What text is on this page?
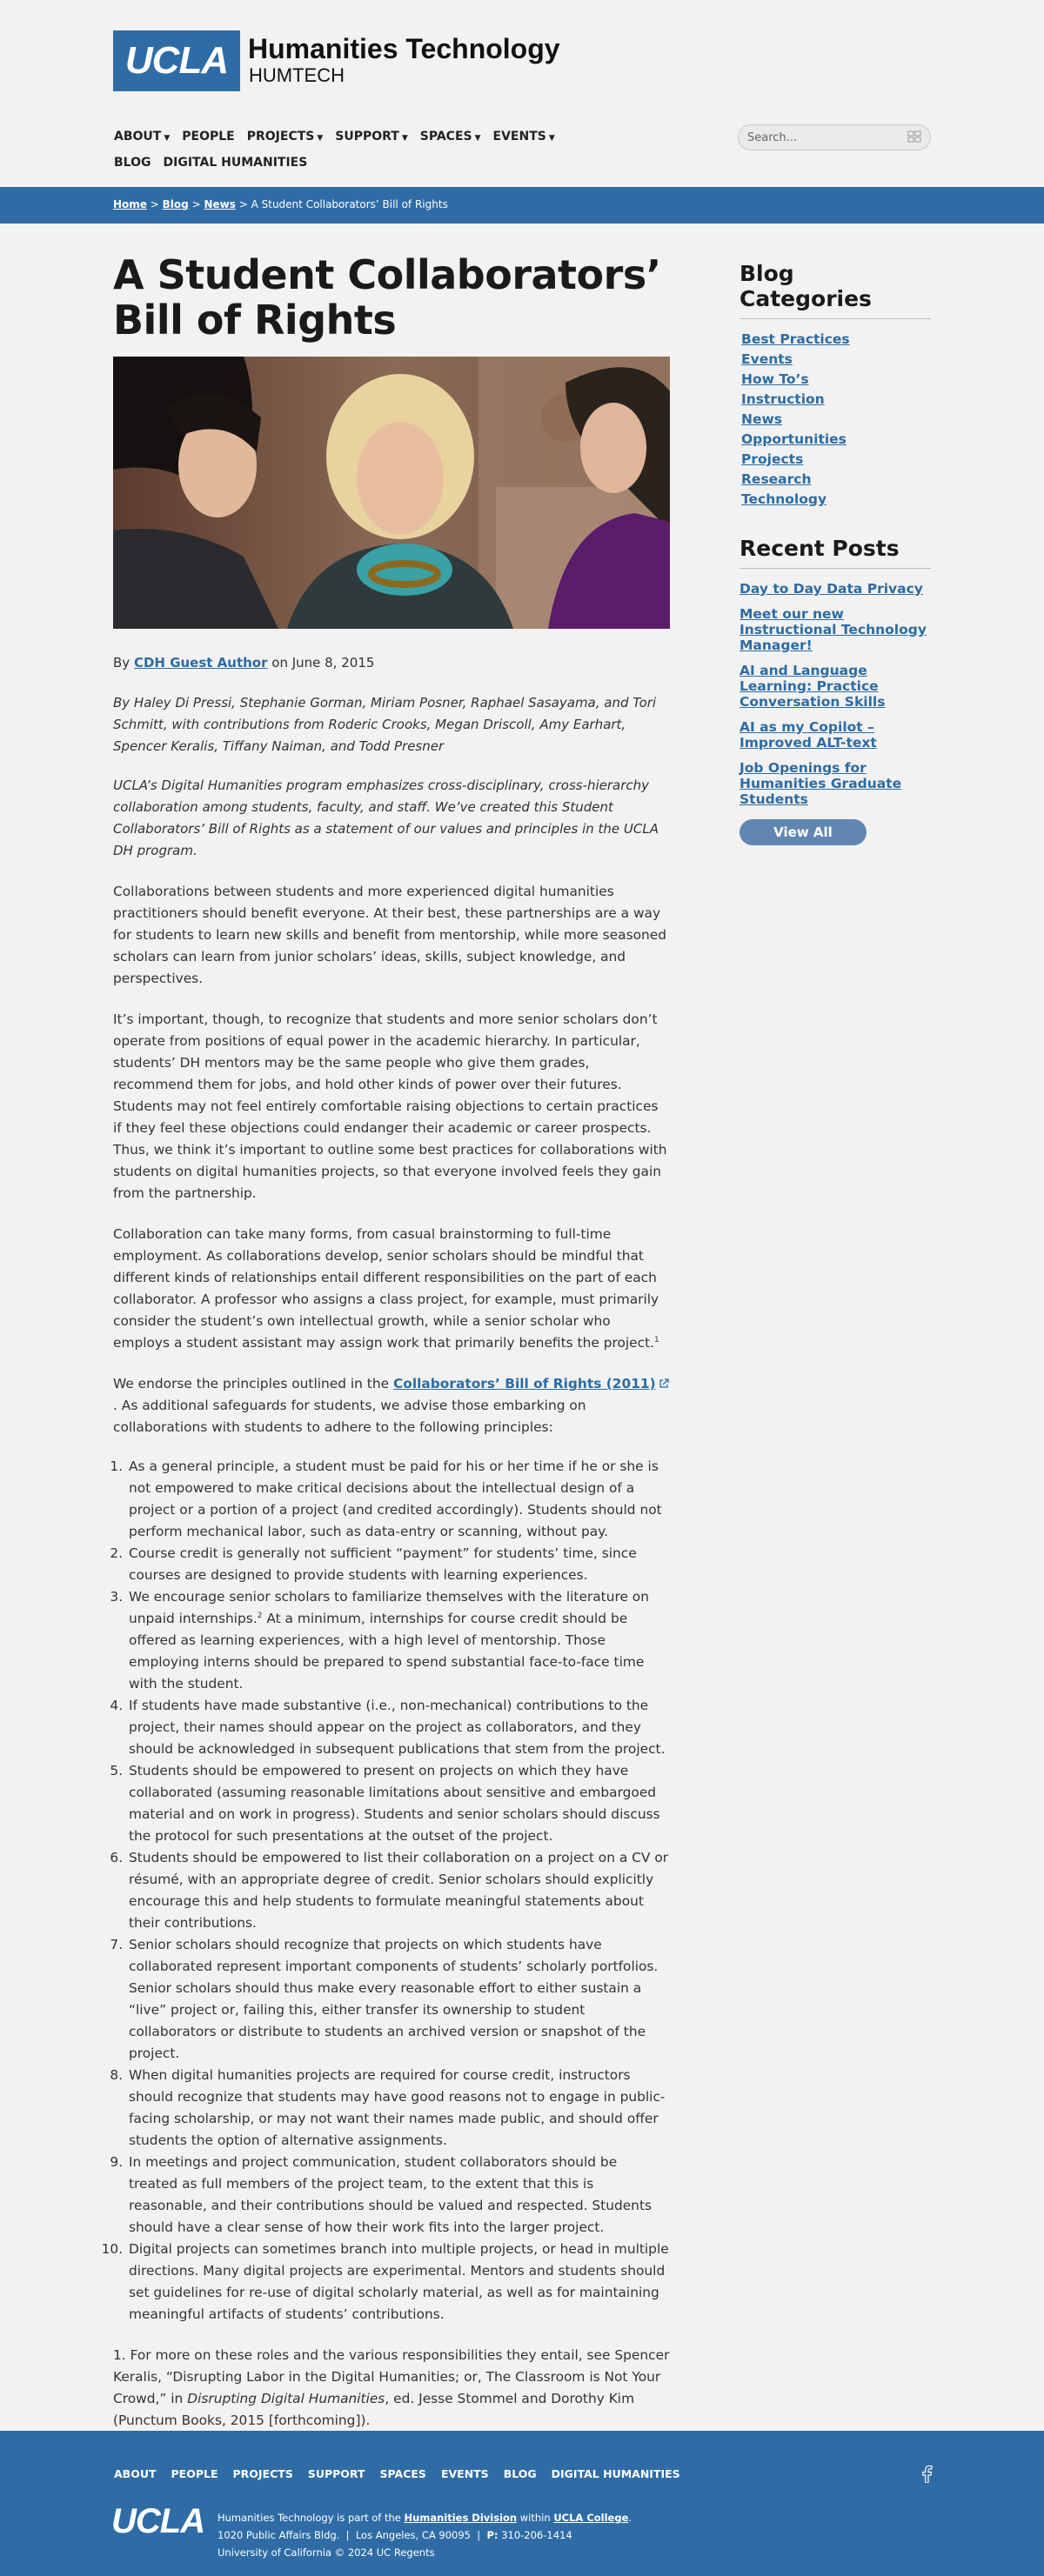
UCLA Humanities Technology
HUMTECH
ABOUT ▼ PEOPLE PROJECTS ▼ SUPPORT ▼ SPACES ▼ EVENTS ▼
BLOG DIGITAL HUMANITIES
Search...
Home > Blog > News > A Student Collaborators’ Bill of Rights
A Student Collaborators’ Bill of Rights

By CDH Guest Author on June 8, 2015

By Haley Di Pressi, Stephanie Gorman, Miriam Posner, Raphael Sasayama, and Tori Schmitt, with contributions from Roderic Crooks, Megan Driscoll, Amy Earhart, Spencer Keralis, Tiffany Naiman, and Todd Presner

UCLA’s Digital Humanities program emphasizes cross-disciplinary, cross-hierarchy collaboration among students, faculty, and staff. We’ve created this Student Collaborators’ Bill of Rights as a statement of our values and principles in the UCLA DH program.

Collaborations between students and more experienced digital humanities practitioners should benefit everyone. At their best, these partnerships are a way for students to learn new skills and benefit from mentorship, while more seasoned scholars can learn from junior scholars’ ideas, skills, subject knowledge, and perspectives.

It’s important, though, to recognize that students and more senior scholars don’t operate from positions of equal power in the academic hierarchy. In particular, students’ DH mentors may be the same people who give them grades, recommend them for jobs, and hold other kinds of power over their futures. Students may not feel entirely comfortable raising objections to certain practices if they feel these objections could endanger their academic or career prospects. Thus, we think it’s important to outline some best practices for collaborations with students on digital humanities projects, so that everyone involved feels they gain from the partnership.

Collaboration can take many forms, from casual brainstorming to full-time employment. As collaborations develop, senior scholars should be mindful that different kinds of relationships entail different responsibilities on the part of each collaborator. A professor who assigns a class project, for example, must primarily consider the student’s own intellectual growth, while a senior scholar who employs a student assistant may assign work that primarily benefits the project.$^1$

We endorse the principles outlined in the Collaborators’ Bill of Rights (2011). As additional safeguards for students, we advise those embarking on collaborations with students to adhere to the following principles:

1. As a general principle, a student must be paid for his or her time if he or she is not empowered to make critical decisions about the intellectual design of a project or a portion of a project (and credited accordingly). Students should not perform mechanical labor, such as data-entry or scanning, without pay.
2. Course credit is generally not sufficient “payment” for students’ time, since courses are designed to provide students with learning experiences.
3. We encourage senior scholars to familiarize themselves with the literature on unpaid internships.$^2$ At a minimum, internships for course credit should be offered as learning experiences, with a high level of mentorship. Those employing interns should be prepared to spend substantial face-to-face time with the student.
4. If students have made substantive (i.e., non-mechanical) contributions to the project, their names should appear on the project as collaborators, and they should be acknowledged in subsequent publications that stem from the project.
5. Students should be empowered to present on projects on which they have collaborated (assuming reasonable limitations about sensitive and embargoed material and on work in progress). Students and senior scholars should discuss the protocol for such presentations at the outset of the project.
6. Students should be empowered to list their collaboration on a project on a CV or résumé, with an appropriate degree of credit. Senior scholars should explicitly encourage this and help students to formulate meaningful statements about their contributions.
7. Senior scholars should recognize that projects on which students have collaborated represent important components of students’ scholarly portfolios. Senior scholars should thus make every reasonable effort to either sustain a “live” project or, failing this, either transfer its ownership to student collaborators or distribute to students an archived version or snapshot of the project.
8. When digital humanities projects are required for course credit, instructors should recognize that students may have good reasons not to engage in public-facing scholarship, or may not want their names made public, and should offer students the option of alternative assignments.
9. In meetings and project communication, student collaborators should be treated as full members of the project team, to the extent that this is reasonable, and their contributions should be valued and respected. Students should have a clear sense of how their work fits into the larger project.
10. Digital projects can sometimes branch into multiple projects, or head in multiple directions. Many digital projects are experimental. Mentors and students should set guidelines for re-use of digital scholarly material, as well as for maintaining meaningful artifacts of students’ contributions.

1. For more on these roles and the various responsibilities they entail, see Spencer Keralis, “Disrupting Labor in the Digital Humanities; or, The Classroom is Not Your Crowd,” in Disrupting Digital Humanities, ed. Jesse Stommel and Dorothy Kim (Punctum Books, 2015 [forthcoming]).

Blog Categories
Best Practices
Events
How To’s
Instruction
News
Opportunities
Projects
Research
Technology
Recent Posts
Day to Day Data Privacy
Meet our new Instructional Technology Manager!
AI and Language Learning: Practice Conversation Skills
AI as my Copilot – Improved ALT-text
Job Openings for Humanities Graduate Students
View All
ABOUT PEOPLE PROJECTS SUPPORT SPACES EVENTS BLOG DIGITAL HUMANITIES
UCLA Humanities Technology is part of the Humanities Division within UCLA College.
1020 Public Affairs Bldg.  |  Los Angeles, CA 90095  |  P: 310-206-1414
University of California © 2024 UC Regents
